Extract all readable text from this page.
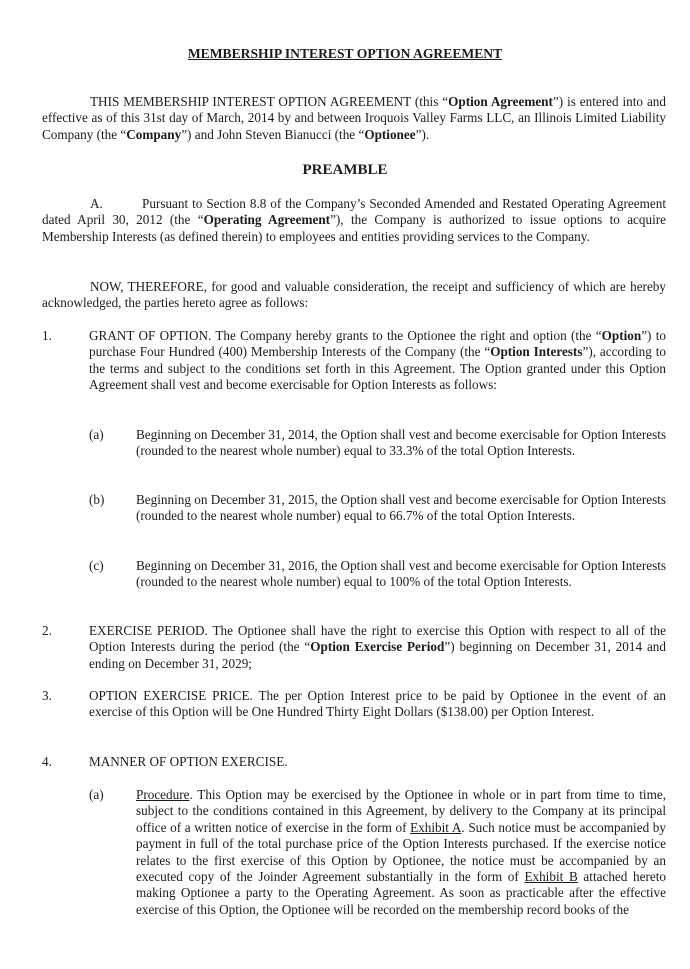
MEMBERSHIP INTEREST OPTION AGREEMENT
THIS MEMBERSHIP INTEREST OPTION AGREEMENT (this “Option Agreement”) is entered into and effective as of this 31st day of March, 2014 by and between Iroquois Valley Farms LLC, an Illinois Limited Liability Company (the “Company”) and John Steven Bianucci (the “Optionee”).
PREAMBLE
A.	Pursuant to Section 8.8 of the Company’s Seconded Amended and Restated Operating Agreement dated April 30, 2012 (the “Operating Agreement”), the Company is authorized to issue options to acquire Membership Interests (as defined therein) to employees and entities providing services to the Company.
NOW, THEREFORE, for good and valuable consideration, the receipt and sufficiency of which are hereby acknowledged, the parties hereto agree as follows:
1.	GRANT OF OPTION. The Company hereby grants to the Optionee the right and option (the “Option”) to purchase Four Hundred (400) Membership Interests of the Company (the “Option Interests”), according to the terms and subject to the conditions set forth in this Agreement. The Option granted under this Option Agreement shall vest and become exercisable for Option Interests as follows:
(a) Beginning on December 31, 2014, the Option shall vest and become exercisable for Option Interests (rounded to the nearest whole number) equal to 33.3% of the total Option Interests.
(b) Beginning on December 31, 2015, the Option shall vest and become exercisable for Option Interests (rounded to the nearest whole number) equal to 66.7% of the total Option Interests.
(c) Beginning on December 31, 2016, the Option shall vest and become exercisable for Option Interests (rounded to the nearest whole number) equal to 100% of the total Option Interests.
2.	EXERCISE PERIOD. The Optionee shall have the right to exercise this Option with respect to all of the Option Interests during the period (the “Option Exercise Period”) beginning on December 31, 2014 and ending on December 31, 2029;
3.	OPTION EXERCISE PRICE. The per Option Interest price to be paid by Optionee in the event of an exercise of this Option will be One Hundred Thirty Eight Dollars ($138.00) per Option Interest.
4.	MANNER OF OPTION EXERCISE.
(a) Procedure. This Option may be exercised by the Optionee in whole or in part from time to time, subject to the conditions contained in this Agreement, by delivery to the Company at its principal office of a written notice of exercise in the form of Exhibit A. Such notice must be accompanied by payment in full of the total purchase price of the Option Interests purchased. If the exercise notice relates to the first exercise of this Option by Optionee, the notice must be accompanied by an executed copy of the Joinder Agreement substantially in the form of Exhibit B attached hereto making Optionee a party to the Operating Agreement. As soon as practicable after the effective exercise of this Option, the Optionee will be recorded on the membership record books of the
